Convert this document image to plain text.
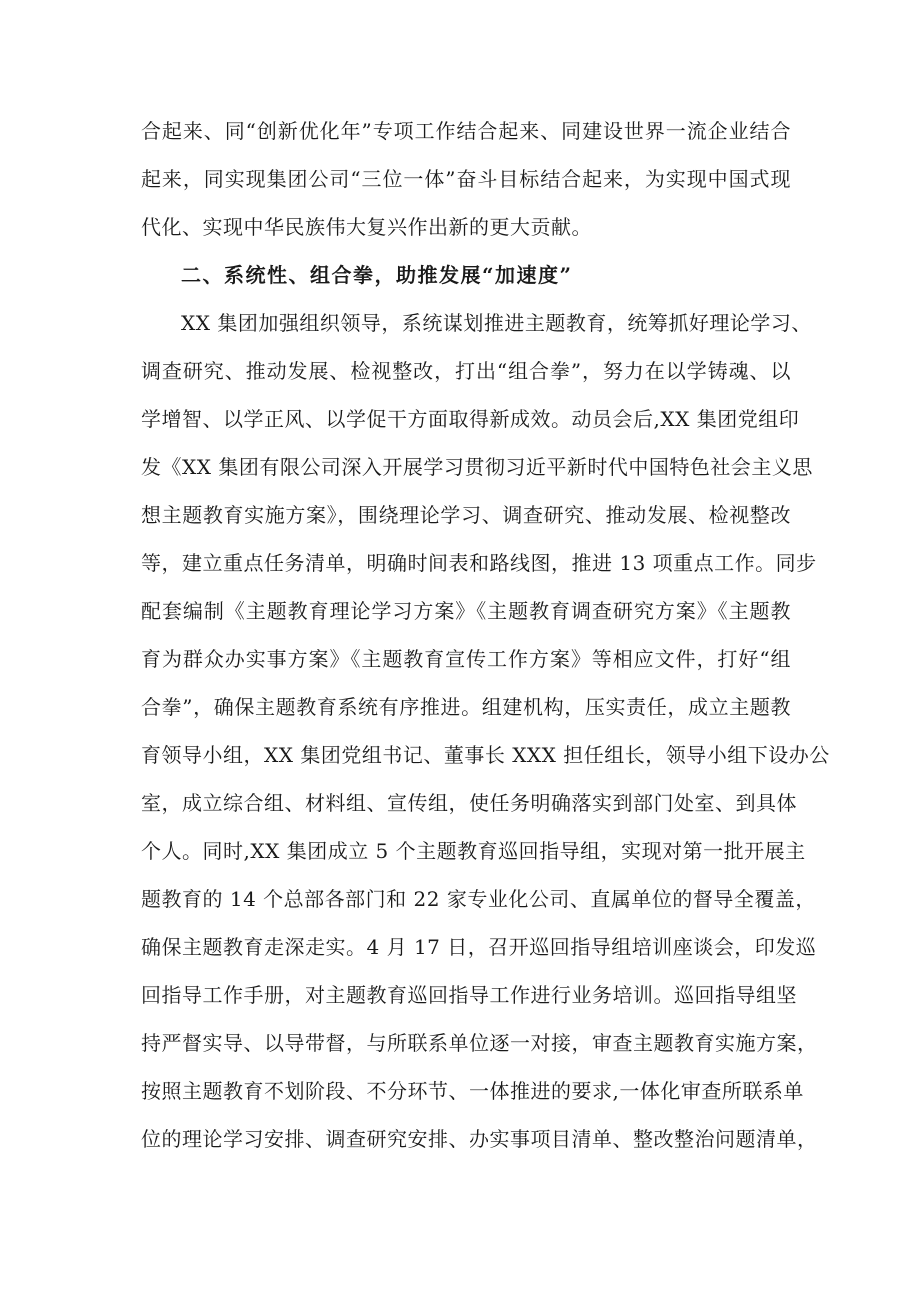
合起来、同“创新优化年”专项工作结合起来、同建设世界一流企业结合
起来，同实现集团公司“三位一体”奋斗目标结合起来，为实现中国式现
代化、实现中华民族伟大复兴作出新的更大贡献。
二、系统性、组合拳，助推发展“加速度”
XX 集团加强组织领导，系统谋划推进主题教育，统筹抓好理论学习、
调查研究、推动发展、检视整改，打出“组合拳”，努力在以学铸魂、以
学增智、以学正风、以学促干方面取得新成效。动员会后,XX 集团党组印
发《XX 集团有限公司深入开展学习贯彻习近平新时代中国特色社会主义思
想主题教育实施方案》，围绕理论学习、调查研究、推动发展、检视整改
等，建立重点任务清单，明确时间表和路线图，推进 13 项重点工作。同步
配套编制《主题教育理论学习方案》《主题教育调查研究方案》《主题教
育为群众办实事方案》《主题教育宣传工作方案》等相应文件，打好“组
合拳”，确保主题教育系统有序推进。组建机构，压实责任，成立主题教
育领导小组，XX 集团党组书记、董事长 XXX 担任组长，领导小组下设办公
室，成立综合组、材料组、宣传组，使任务明确落实到部门处室、到具体
个人。同时,XX 集团成立 5 个主题教育巡回指导组，实现对第一批开展主
题教育的 14 个总部各部门和 22 家专业化公司、直属单位的督导全覆盖，
确保主题教育走深走实。4 月 17 日，召开巡回指导组培训座谈会，印发巡
回指导工作手册，对主题教育巡回指导工作进行业务培训。巡回指导组坚
持严督实导、以导带督，与所联系单位逐一对接，审查主题教育实施方案，
按照主题教育不划阶段、不分环节、一体推进的要求,一体化审查所联系单
位的理论学习安排、调查研究安排、办实事项目清单、整改整治问题清单，
